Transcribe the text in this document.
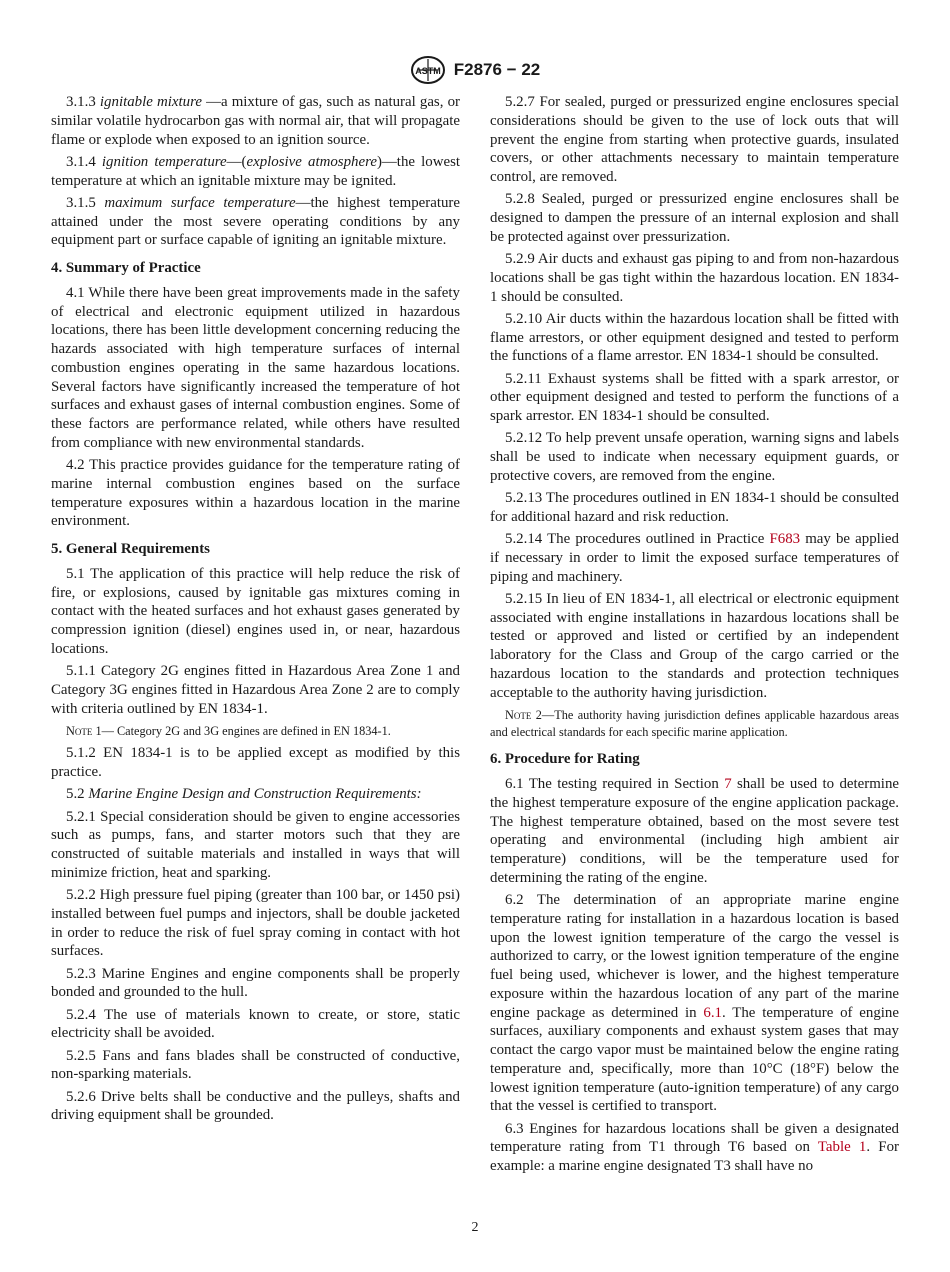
ASTM F2876 − 22

3.1.3 ignitable mixture —a mixture of gas, such as natural gas, or similar volatile hydrocarbon gas with normal air, that will propagate flame or explode when exposed to an ignition source.

3.1.4 ignition temperature—(explosive atmosphere)—the lowest temperature at which an ignitable mixture may be ignited.

3.1.5 maximum surface temperature—the highest temperature attained under the most severe operating conditions by any equipment part or surface capable of igniting an ignitable mixture.

4. Summary of Practice

4.1 While there have been great improvements made in the safety of electrical and electronic equipment utilized in hazardous locations, there has been little development concerning reducing the hazards associated with high temperature surfaces of internal combustion engines operating in the same hazardous locations. Several factors have significantly increased the temperature of hot surfaces and exhaust gases of internal combustion engines. Some of these factors are performance related, while others have resulted from compliance with new environmental standards.

4.2 This practice provides guidance for the temperature rating of marine internal combustion engines based on the surface temperature exposures within a hazardous location in the marine environment.

5. General Requirements

5.1 The application of this practice will help reduce the risk of fire, or explosions, caused by ignitable gas mixtures coming in contact with the heated surfaces and hot exhaust gases generated by compression ignition (diesel) engines used in, or near, hazardous locations.

5.1.1 Category 2G engines fitted in Hazardous Area Zone 1 and Category 3G engines fitted in Hazardous Area Zone 2 are to comply with criteria outlined by EN 1834-1.

Note 1— Category 2G and 3G engines are defined in EN 1834-1.

5.1.2 EN 1834-1 is to be applied except as modified by this practice.

5.2 Marine Engine Design and Construction Requirements:

5.2.1 Special consideration should be given to engine accessories such as pumps, fans, and starter motors such that they are constructed of suitable materials and installed in ways that will minimize friction, heat and sparking.

5.2.2 High pressure fuel piping (greater than 100 bar, or 1450 psi) installed between fuel pumps and injectors, shall be double jacketed in order to reduce the risk of fuel spray coming in contact with hot surfaces.

5.2.3 Marine Engines and engine components shall be properly bonded and grounded to the hull.

5.2.4 The use of materials known to create, or store, static electricity shall be avoided.

5.2.5 Fans and fans blades shall be constructed of conductive, non-sparking materials.

5.2.6 Drive belts shall be conductive and the pulleys, shafts and driving equipment shall be grounded.

5.2.7 For sealed, purged or pressurized engine enclosures special considerations should be given to the use of lock outs that will prevent the engine from starting when protective guards, insulated covers, or other attachments necessary to maintain temperature control, are removed.

5.2.8 Sealed, purged or pressurized engine enclosures shall be designed to dampen the pressure of an internal explosion and shall be protected against over pressurization.

5.2.9 Air ducts and exhaust gas piping to and from non-hazardous locations shall be gas tight within the hazardous location. EN 1834-1 should be consulted.

5.2.10 Air ducts within the hazardous location shall be fitted with flame arrestors, or other equipment designed and tested to perform the functions of a flame arrestor. EN 1834-1 should be consulted.

5.2.11 Exhaust systems shall be fitted with a spark arrestor, or other equipment designed and tested to perform the functions of a spark arrestor. EN 1834-1 should be consulted.

5.2.12 To help prevent unsafe operation, warning signs and labels shall be used to indicate when necessary equipment guards, or protective covers, are removed from the engine.

5.2.13 The procedures outlined in EN 1834-1 should be consulted for additional hazard and risk reduction.

5.2.14 The procedures outlined in Practice F683 may be applied if necessary in order to limit the exposed surface temperatures of piping and machinery.

5.2.15 In lieu of EN 1834-1, all electrical or electronic equipment associated with engine installations in hazardous locations shall be tested or approved and listed or certified by an independent laboratory for the Class and Group of the cargo carried or the hazardous location to the standards and protection techniques acceptable to the authority having jurisdiction.

Note 2—The authority having jurisdiction defines applicable hazardous areas and electrical standards for each specific marine application.
6. Procedure for Rating

6.1 The testing required in Section 7 shall be used to determine the highest temperature exposure of the engine application package. The highest temperature obtained, based on the most severe test operating and environmental (including high ambient air temperature) conditions, will be the temperature used for determining the rating of the engine.

6.2 The determination of an appropriate marine engine temperature rating for installation in a hazardous location is based upon the lowest ignition temperature of the cargo the vessel is authorized to carry, or the lowest ignition temperature of the engine fuel being used, whichever is lower, and the highest temperature exposure within the hazardous location of any part of the marine engine package as determined in 6.1. The temperature of engine surfaces, auxiliary components and exhaust system gases that may contact the cargo vapor must be maintained below the engine rating temperature and, specifically, more than 10°C (18°F) below the lowest ignition temperature (auto-ignition temperature) of any cargo that the vessel is certified to transport.

6.3 Engines for hazardous locations shall be given a designated temperature rating from T1 through T6 based on Table 1. For example: a marine engine designated T3 shall have no

2
